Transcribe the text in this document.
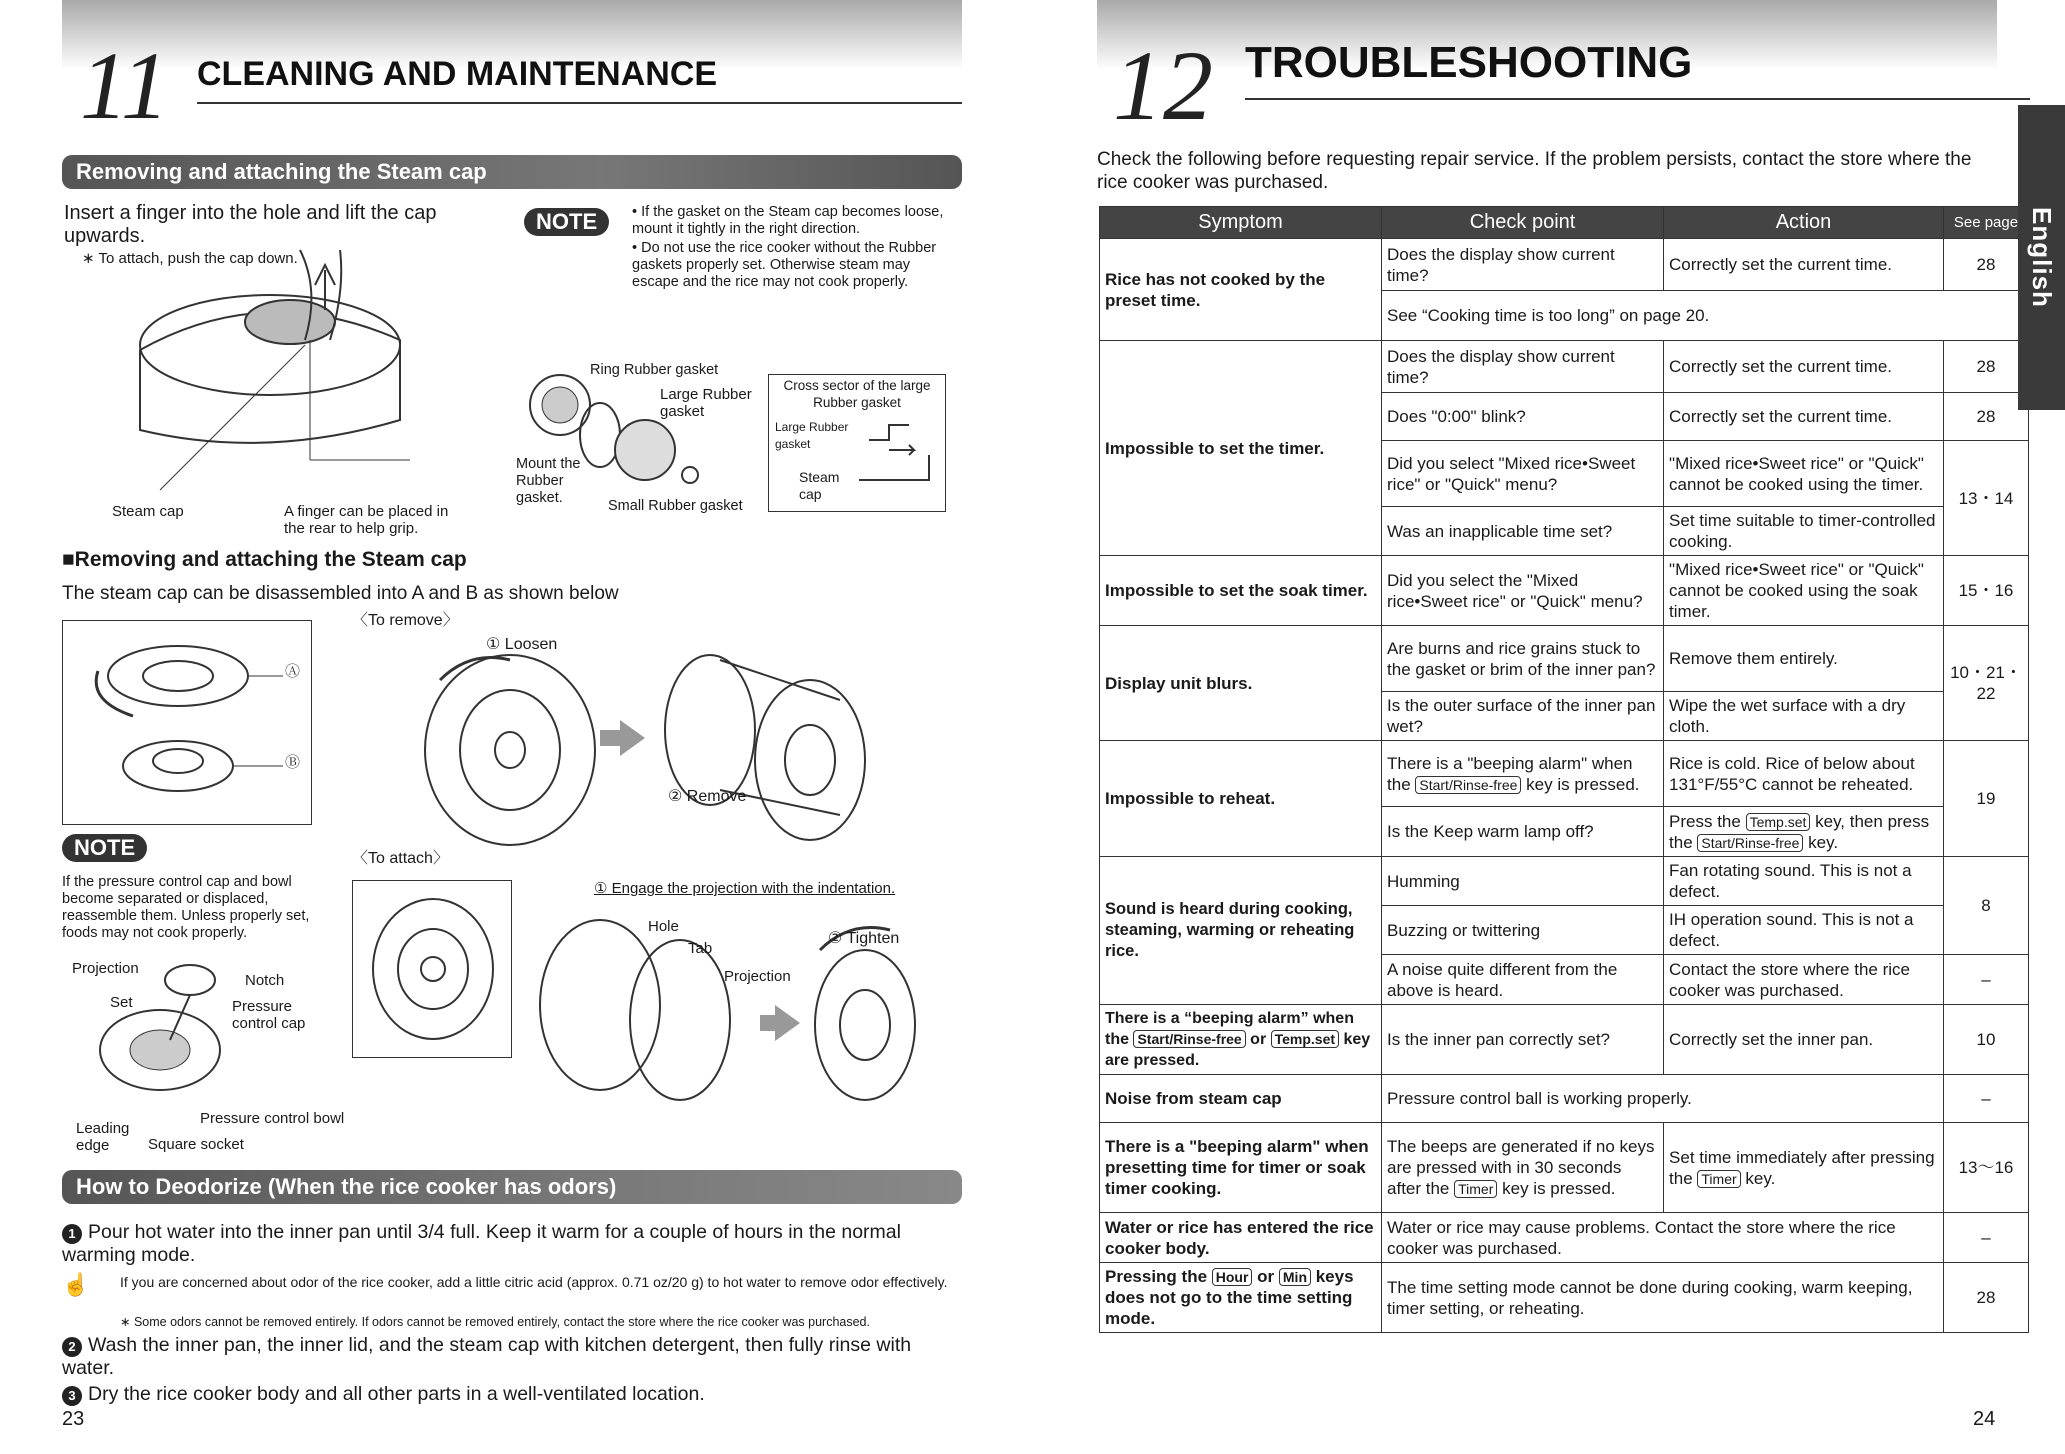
11 CLEANING AND MAINTENANCE
Removing and attaching the Steam cap
Insert a finger into the hole and lift the cap upwards.
∗ To attach, push the cap down.
NOTE	• If the gasket on the Steam cap becomes loose, mount it tightly in the right direction.
• Do not use the rice cooker without the Rubber gaskets properly set. Otherwise steam may escape and the rice may not cook properly.
Steam cap	A finger can be placed in the rear to help grip.
Ring Rubber gasket
Large Rubber gasket
Mount the Rubber gasket.	Small Rubber gasket
Cross sector of the large Rubber gasket
Large Rubber gasket
Steam cap
■Removing and attaching the Steam cap
The steam cap can be disassembled into A and B as shown below
〈To remove〉
Ⓐ
Ⓑ
① Loosen
② Remove
NOTE
If the pressure control cap and bowl become separated or displaced, reassemble them. Unless properly set, foods may not cook properly.
Projection
Notch
Set	Pressure control cap
Pressure control bowl
Leading edge	Square socket
〈To attach〉
① Engage the projection with the indentation.
Hole
Tab
Projection
② Tighten
How to Deodorize (When the rice cooker has odors)
1 Pour hot water into the inner pan until 3/4 full. Keep it warm for a couple of hours in the normal warming mode.
☝ If you are concerned about odor of the rice cooker, add a little citric acid (approx. 0.71 oz/20 g) to hot water to remove odor effectively.
∗ Some odors cannot be removed entirely. If odors cannot be removed entirely, contact the store where the rice cooker was purchased.
2 Wash the inner pan, the inner lid, and the steam cap with kitchen detergent, then fully rinse with water.
3 Dry the rice cooker body and all other parts in a well-ventilated location.
23
12 TROUBLESHOOTING
Check the following before requesting repair service. If the problem persists, contact the store where the rice cooker was purchased.
Symptom	Check point	Action	See page
Rice has not cooked by the preset time.	Does the display show current time?	Correctly set the current time.	28
	See “Cooking time is too long” on page 20.		
Impossible to set the timer.	Does the display show current time?	Correctly set the current time.	28
	Does "0:00" blink?	Correctly set the current time.	28
	Did you select "Mixed rice•Sweet rice" or "Quick" menu?	"Mixed rice•Sweet rice" or "Quick" cannot be cooked using the timer.	13・14
	Was an inapplicable time set?	Set time suitable to timer-controlled cooking.	
Impossible to set the soak timer.	Did you select the "Mixed rice•Sweet rice" or "Quick" menu?	"Mixed rice•Sweet rice" or "Quick" cannot be cooked using the soak timer.	15・16
Display unit blurs.	Are burns and rice grains stuck to the gasket or brim of the inner pan?	Remove them entirely.	10・21・22
	Is the outer surface of the inner pan wet?	Wipe the wet surface with a dry cloth.	
Impossible to reheat.	There is a "beeping alarm" when the Start/Rinse-free key is pressed.	Rice is cold. Rice of below about 131°F/55°C cannot be reheated.	19
	Is the Keep warm lamp off?	Press the Temp.set key, then press the Start/Rinse-free key.	
Sound is heard during cooking, steaming, warming or reheating rice.	Humming	Fan rotating sound. This is not a defect.	8
	Buzzing or twittering	IH operation sound. This is not a defect.	
	A noise quite different from the above is heard.	Contact the store where the rice cooker was purchased.	–
There is a “beeping alarm” when the Start/Rinse-free or Temp.set key are pressed.	Is the inner pan correctly set?	Correctly set the inner pan.	10
Noise from steam cap	Pressure control ball is working properly.		–
There is a "beeping alarm" when presetting time for timer or soak timer cooking.	The beeps are generated if no keys are pressed with in 30 seconds after the Timer key is pressed.	Set time immediately after pressing the Timer key.	13～16
Water or rice has entered the rice cooker body.	Water or rice may cause problems. Contact the store where the rice cooker was purchased.		–
Pressing the Hour or Min keys does not go to the time setting mode.	The time setting mode cannot be done during cooking, warm keeping, timer setting, or reheating.		28
24
English
